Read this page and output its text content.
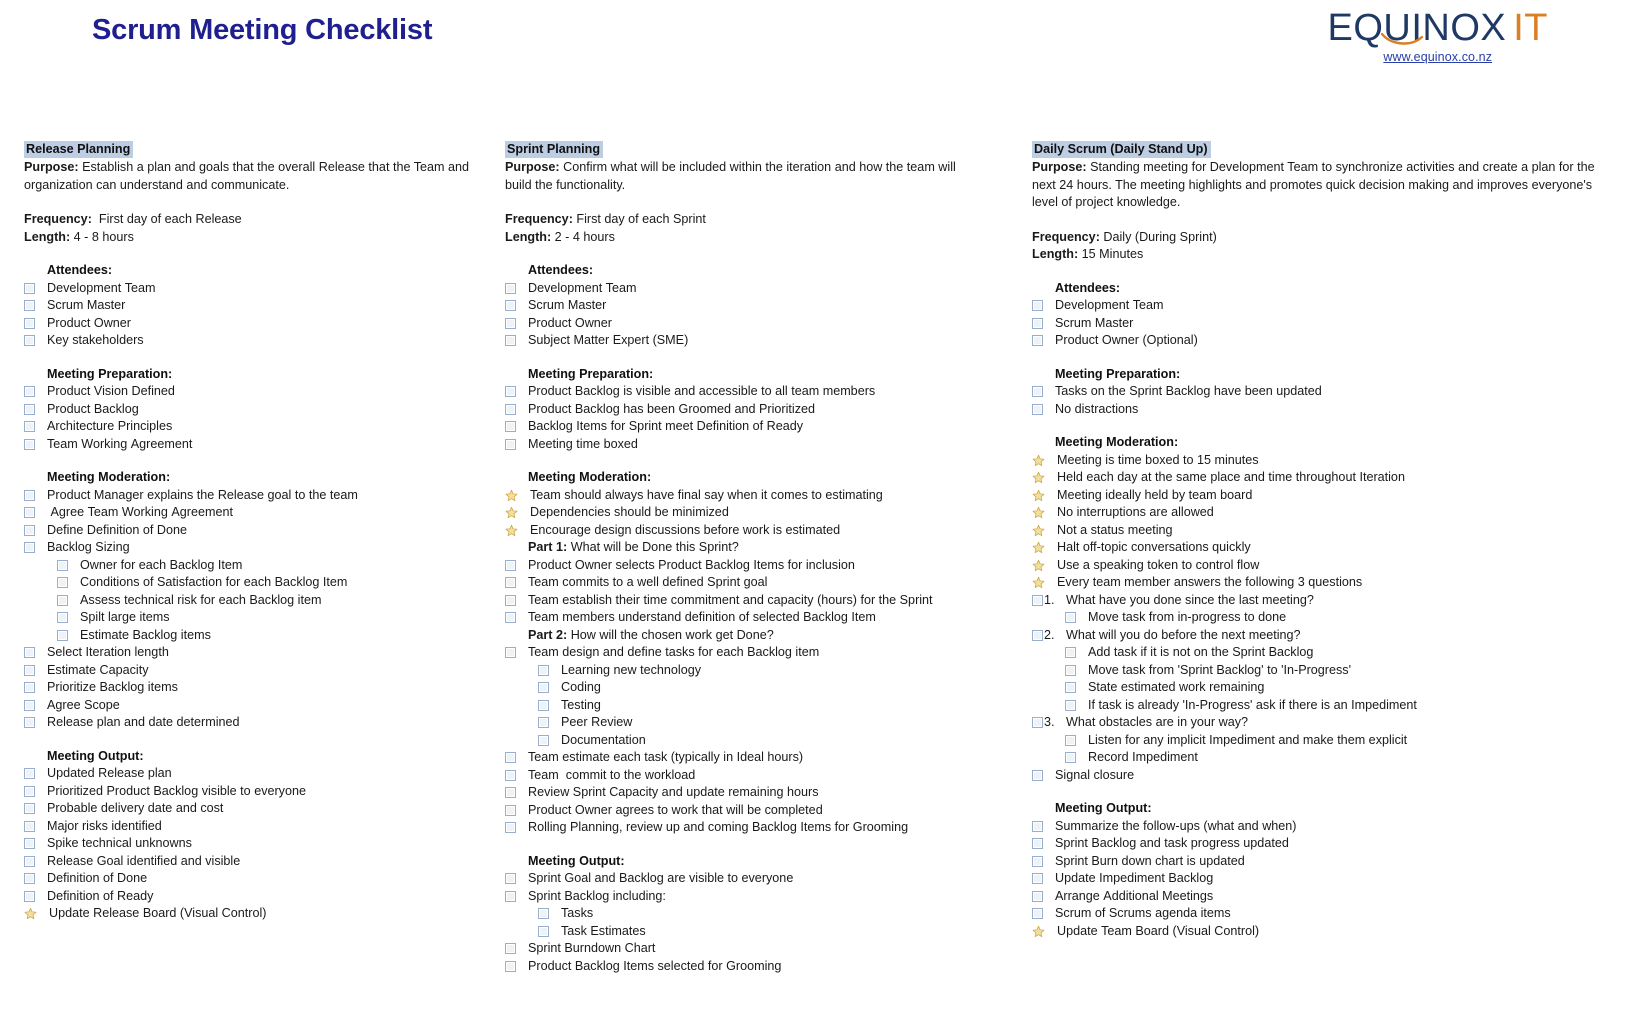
Scrum Meeting Checklist	EQUINOX IT
www.equinox.co.nz
Release Planning

Purpose: Establish a plan and goals that the overall Release that the Team and organization can understand and communicate.

Frequency:  First day of each Release
Length: 4 - 8 hours
Attendees:
Development Team
Scrum Master
Product Owner
Key stakeholders
Meeting Preparation:
Product Vision Defined
Product Backlog
Architecture Principles
Team Working Agreement
Meeting Moderation:
Product Manager explains the Release goal to the team
Agree Team Working Agreement
Define Definition of Done
Backlog Sizing
Owner for each Backlog Item
Conditions of Satisfaction for each Backlog Item
Assess technical risk for each Backlog item
Spilt large items
Estimate Backlog items
Select Iteration length
Estimate Capacity
Prioritize Backlog items
Agree Scope
Release plan and date determined
Meeting Output:
Updated Release plan
Prioritized Product Backlog visible to everyone
Probable delivery date and cost
Major risks identified
Spike technical unknowns
Release Goal identified and visible
Definition of Done
Definition of Ready
Update Release Board (Visual Control)
Sprint Planning

Purpose: Confirm what will be included within the iteration and how the team will build the functionality.

Frequency: First day of each Sprint
Length: 2 - 4 hours
Attendees:
Development Team
Scrum Master
Product Owner
Subject Matter Expert (SME)
Meeting Preparation:
Product Backlog is visible and accessible to all team members
Product Backlog has been Groomed and Prioritized
Backlog Items for Sprint meet Definition of Ready
Meeting time boxed
Meeting Moderation:
Team should always have final say when it comes to estimating
Dependencies should be minimized
Encourage design discussions before work is estimated
Part 1: What will be Done this Sprint?
Product Owner selects Product Backlog Items for inclusion
Team commits to a well defined Sprint goal
Team establish their time commitment and capacity (hours) for the Sprint
Team members understand definition of selected Backlog Item
Part 2: How will the chosen work get Done?
Team design and define tasks for each Backlog item
Learning new technology
Coding
Testing
Peer Review
Documentation
Team estimate each task (typically in Ideal hours)
Team  commit to the workload
Review Sprint Capacity and update remaining hours
Product Owner agrees to work that will be completed
Rolling Planning, review up and coming Backlog Items for Grooming
Meeting Output:
Sprint Goal and Backlog are visible to everyone
Sprint Backlog including:
Tasks
Task Estimates
Sprint Burndown Chart
Product Backlog Items selected for Grooming
Daily Scrum (Daily Stand Up)

Purpose: Standing meeting for Development Team to synchronize activities and create a plan for the next 24 hours. The meeting highlights and promotes quick decision making and improves everyone's level of project knowledge.

Frequency: Daily (During Sprint)
Length: 15 Minutes
Attendees:
Development Team
Scrum Master
Product Owner (Optional)
Meeting Preparation:
Tasks on the Sprint Backlog have been updated
No distractions
Meeting Moderation:
Meeting is time boxed to 15 minutes
Held each day at the same place and time throughout Iteration
Meeting ideally held by team board
No interruptions are allowed
Not a status meeting
Halt off-topic conversations quickly
Use a speaking token to control flow
Every team member answers the following 3 questions
1. What have you done since the last meeting?
Move task from in-progress to done
2. What will you do before the next meeting?
Add task if it is not on the Sprint Backlog
Move task from 'Sprint Backlog' to 'In-Progress'
State estimated work remaining
If task is already 'In-Progress' ask if there is an Impediment
3. What obstacles are in your way?
Listen for any implicit Impediment and make them explicit
Record Impediment
Signal closure
Meeting Output:
Summarize the follow-ups (what and when)
Sprint Backlog and task progress updated
Sprint Burn down chart is updated
Update Impediment Backlog
Arrange Additional Meetings
Scrum of Scrums agenda items
Update Team Board (Visual Control)
